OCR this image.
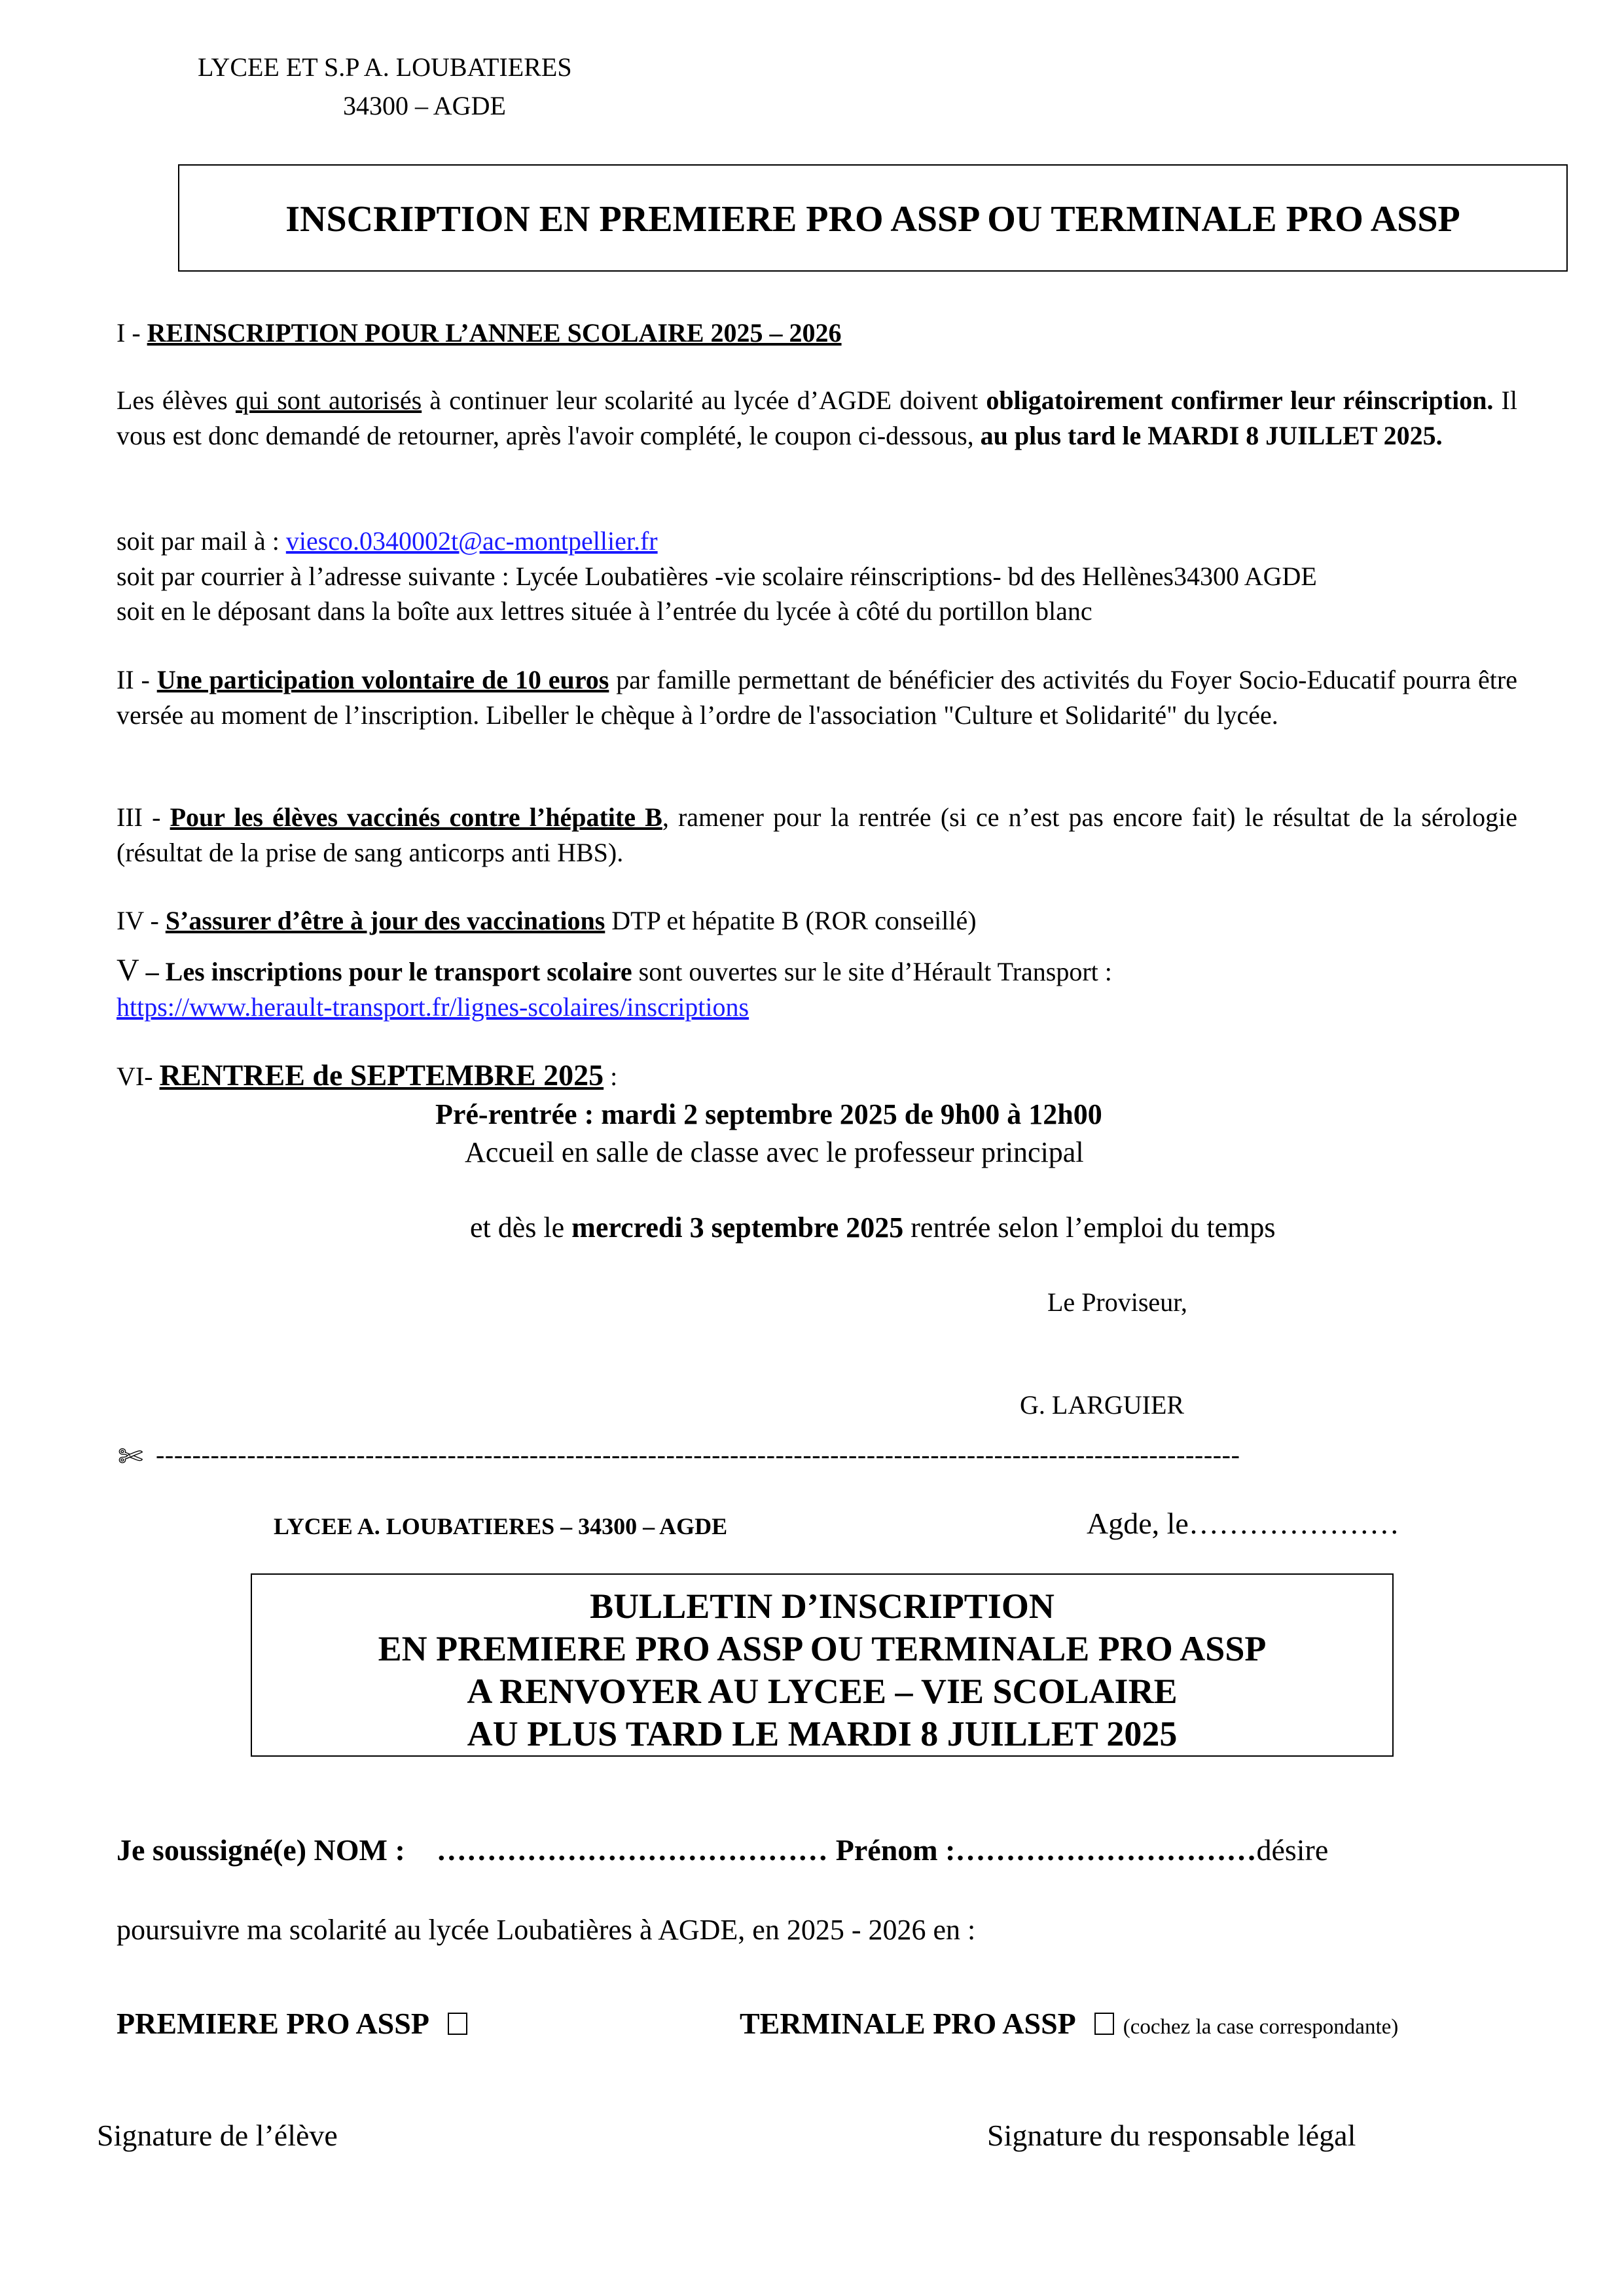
LYCEE ET S.P A. LOUBATIERES
34300 – AGDE
INSCRIPTION EN PREMIERE PRO ASSP OU TERMINALE PRO ASSP
I - REINSCRIPTION POUR L’ANNEE SCOLAIRE 2025 – 2026
Les élèves qui sont autorisés à continuer leur scolarité au lycée d’AGDE doivent obligatoirement confirmer leur réinscription. Il vous est donc demandé de retourner, après l'avoir complété, le coupon ci-dessous, au plus tard le MARDI 8 JUILLET 2025.
soit par mail à : viesco.0340002t@ac-montpellier.fr
soit par courrier à l’adresse suivante : Lycée Loubatières -vie scolaire réinscriptions- bd des Hellènes34300 AGDE
soit en le déposant dans la boîte aux lettres située à l’entrée du lycée à côté du portillon blanc
II - Une participation volontaire de 10 euros par famille permettant de bénéficier des activités du Foyer Socio-Educatif pourra être versée au moment de l’inscription. Libeller le chèque à l’ordre de l'association "Culture et Solidarité" du lycée.
III - Pour les élèves vaccinés contre l’hépatite B, ramener pour la rentrée (si ce n’est pas encore fait) le résultat de la sérologie (résultat de la prise de sang anticorps anti HBS).
IV - S’assurer d’être à jour des vaccinations DTP et hépatite B (ROR conseillé)
V – Les inscriptions pour le transport scolaire sont ouvertes sur le site d’Hérault Transport :
https://www.herault-transport.fr/lignes-scolaires/inscriptions
VI- RENTREE de SEPTEMBRE 2025 :
Pré-rentrée : mardi 2 septembre 2025 de 9h00 à 12h00
Accueil en salle de classe avec le professeur principal
et dès le mercredi 3 septembre 2025 rentrée selon l’emploi du temps
Le Proviseur,
G. LARGUIER
✄ -----------------------------------------------------------------------------------------------------------------------
LYCEE A. LOUBATIERES – 34300 – AGDE	Agde, le…………………
BULLETIN D’INSCRIPTION
EN PREMIERE PRO ASSP OU TERMINALE PRO ASSP
A RENVOYER AU LYCEE – VIE SCOLAIRE
AU PLUS TARD LE MARDI 8 JUILLET 2025
Je soussigné(e) NOM : ………………………………… Prénom :…………………………désire
poursuivre ma scolarité au lycée Loubatières à AGDE, en 2025 - 2026 en :
PREMIERE PRO ASSP	TERMINALE PRO ASSP (cochez la case correspondante)
Signature de l’élève	Signature du responsable légal
